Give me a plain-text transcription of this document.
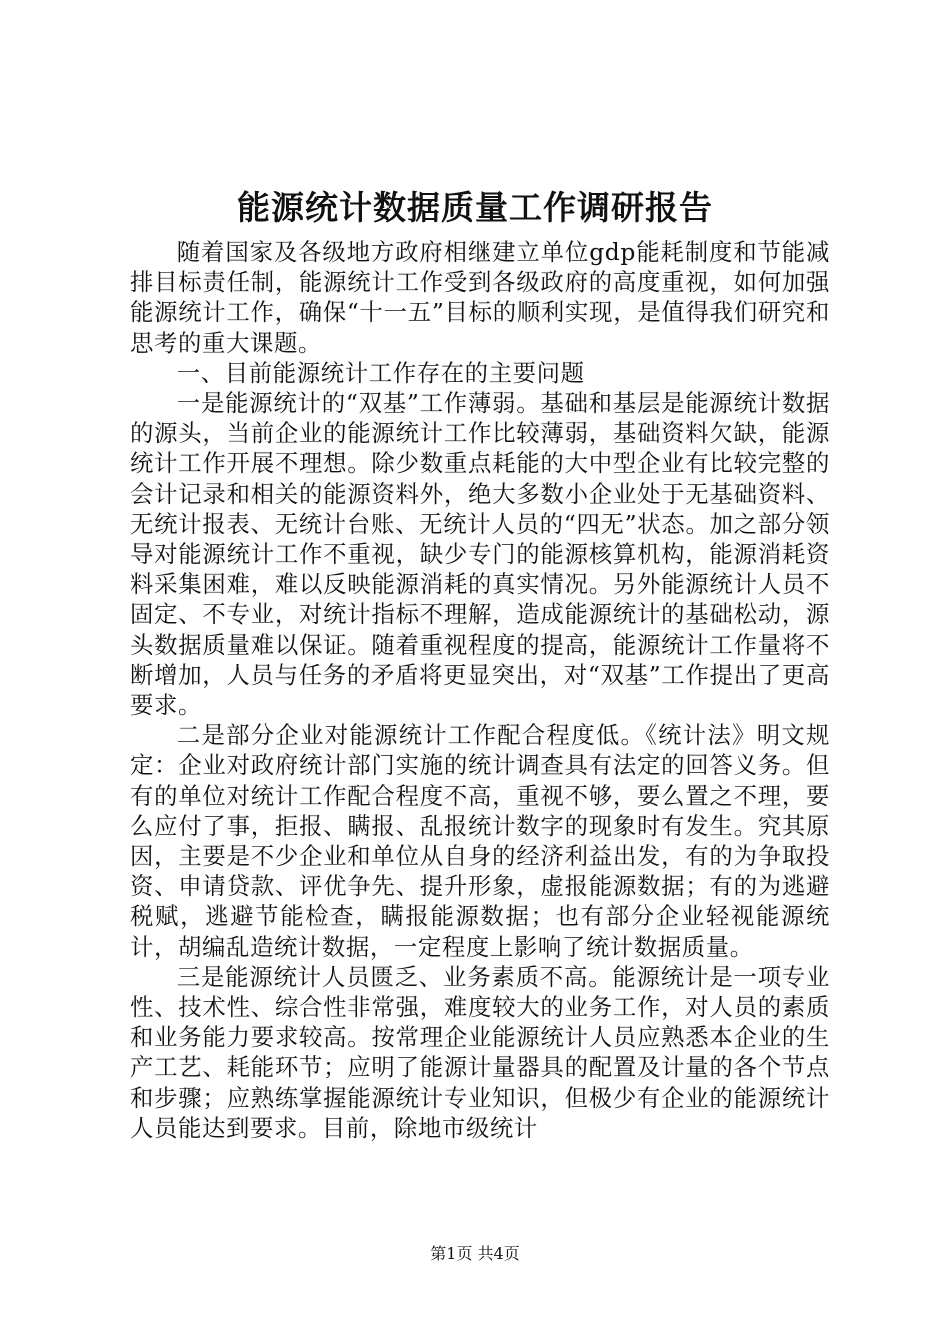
能源统计数据质量工作调研报告

随着国家及各级地方政府相继建立单位gdp能耗制度和节能减排目标责任制，能源统计工作受到各级政府的高度重视，如何加强能源统计工作，确保“十一五”目标的顺利实现，是值得我们研究和思考的重大课题。

一、目前能源统计工作存在的主要问题

一是能源统计的“双基”工作薄弱。基础和基层是能源统计数据的源头，当前企业的能源统计工作比较薄弱，基础资料欠缺，能源统计工作开展不理想。除少数重点耗能的大中型企业有比较完整的会计记录和相关的能源资料外，绝大多数小企业处于无基础资料、无统计报表、无统计台账、无统计人员的“四无”状态。加之部分领导对能源统计工作不重视，缺少专门的能源核算机构，能源消耗资料采集困难，难以反映能源消耗的真实情况。另外能源统计人员不固定、不专业，对统计指标不理解，造成能源统计的基础松动，源头数据质量难以保证。随着重视程度的提高，能源统计工作量将不断增加，人员与任务的矛盾将更显突出，对“双基”工作提出了更高要求。

二是部分企业对能源统计工作配合程度低。《统计法》明文规定：企业对政府统计部门实施的统计调查具有法定的回答义务。但有的单位对统计工作配合程度不高，重视不够，要么置之不理，要么应付了事，拒报、瞒报、乱报统计数字的现象时有发生。究其原因，主要是不少企业和单位从自身的经济利益出发，有的为争取投资、申请贷款、评优争先、提升形象，虚报能源数据；有的为逃避税赋，逃避节能检查，瞒报能源数据；也有部分企业轻视能源统计，胡编乱造统计数据，一定程度上影响了统计数据质量。

三是能源统计人员匮乏、业务素质不高。能源统计是一项专业性、技术性、综合性非常强，难度较大的业务工作，对人员的素质和业务能力要求较高。按常理企业能源统计人员应熟悉本企业的生产工艺、耗能环节；应明了能源计量器具的配置及计量的各个节点和步骤；应熟练掌握能源统计专业知识，但极少有企业的能源统计人员能达到要求。目前，除地市级统计

第1页 共4页
